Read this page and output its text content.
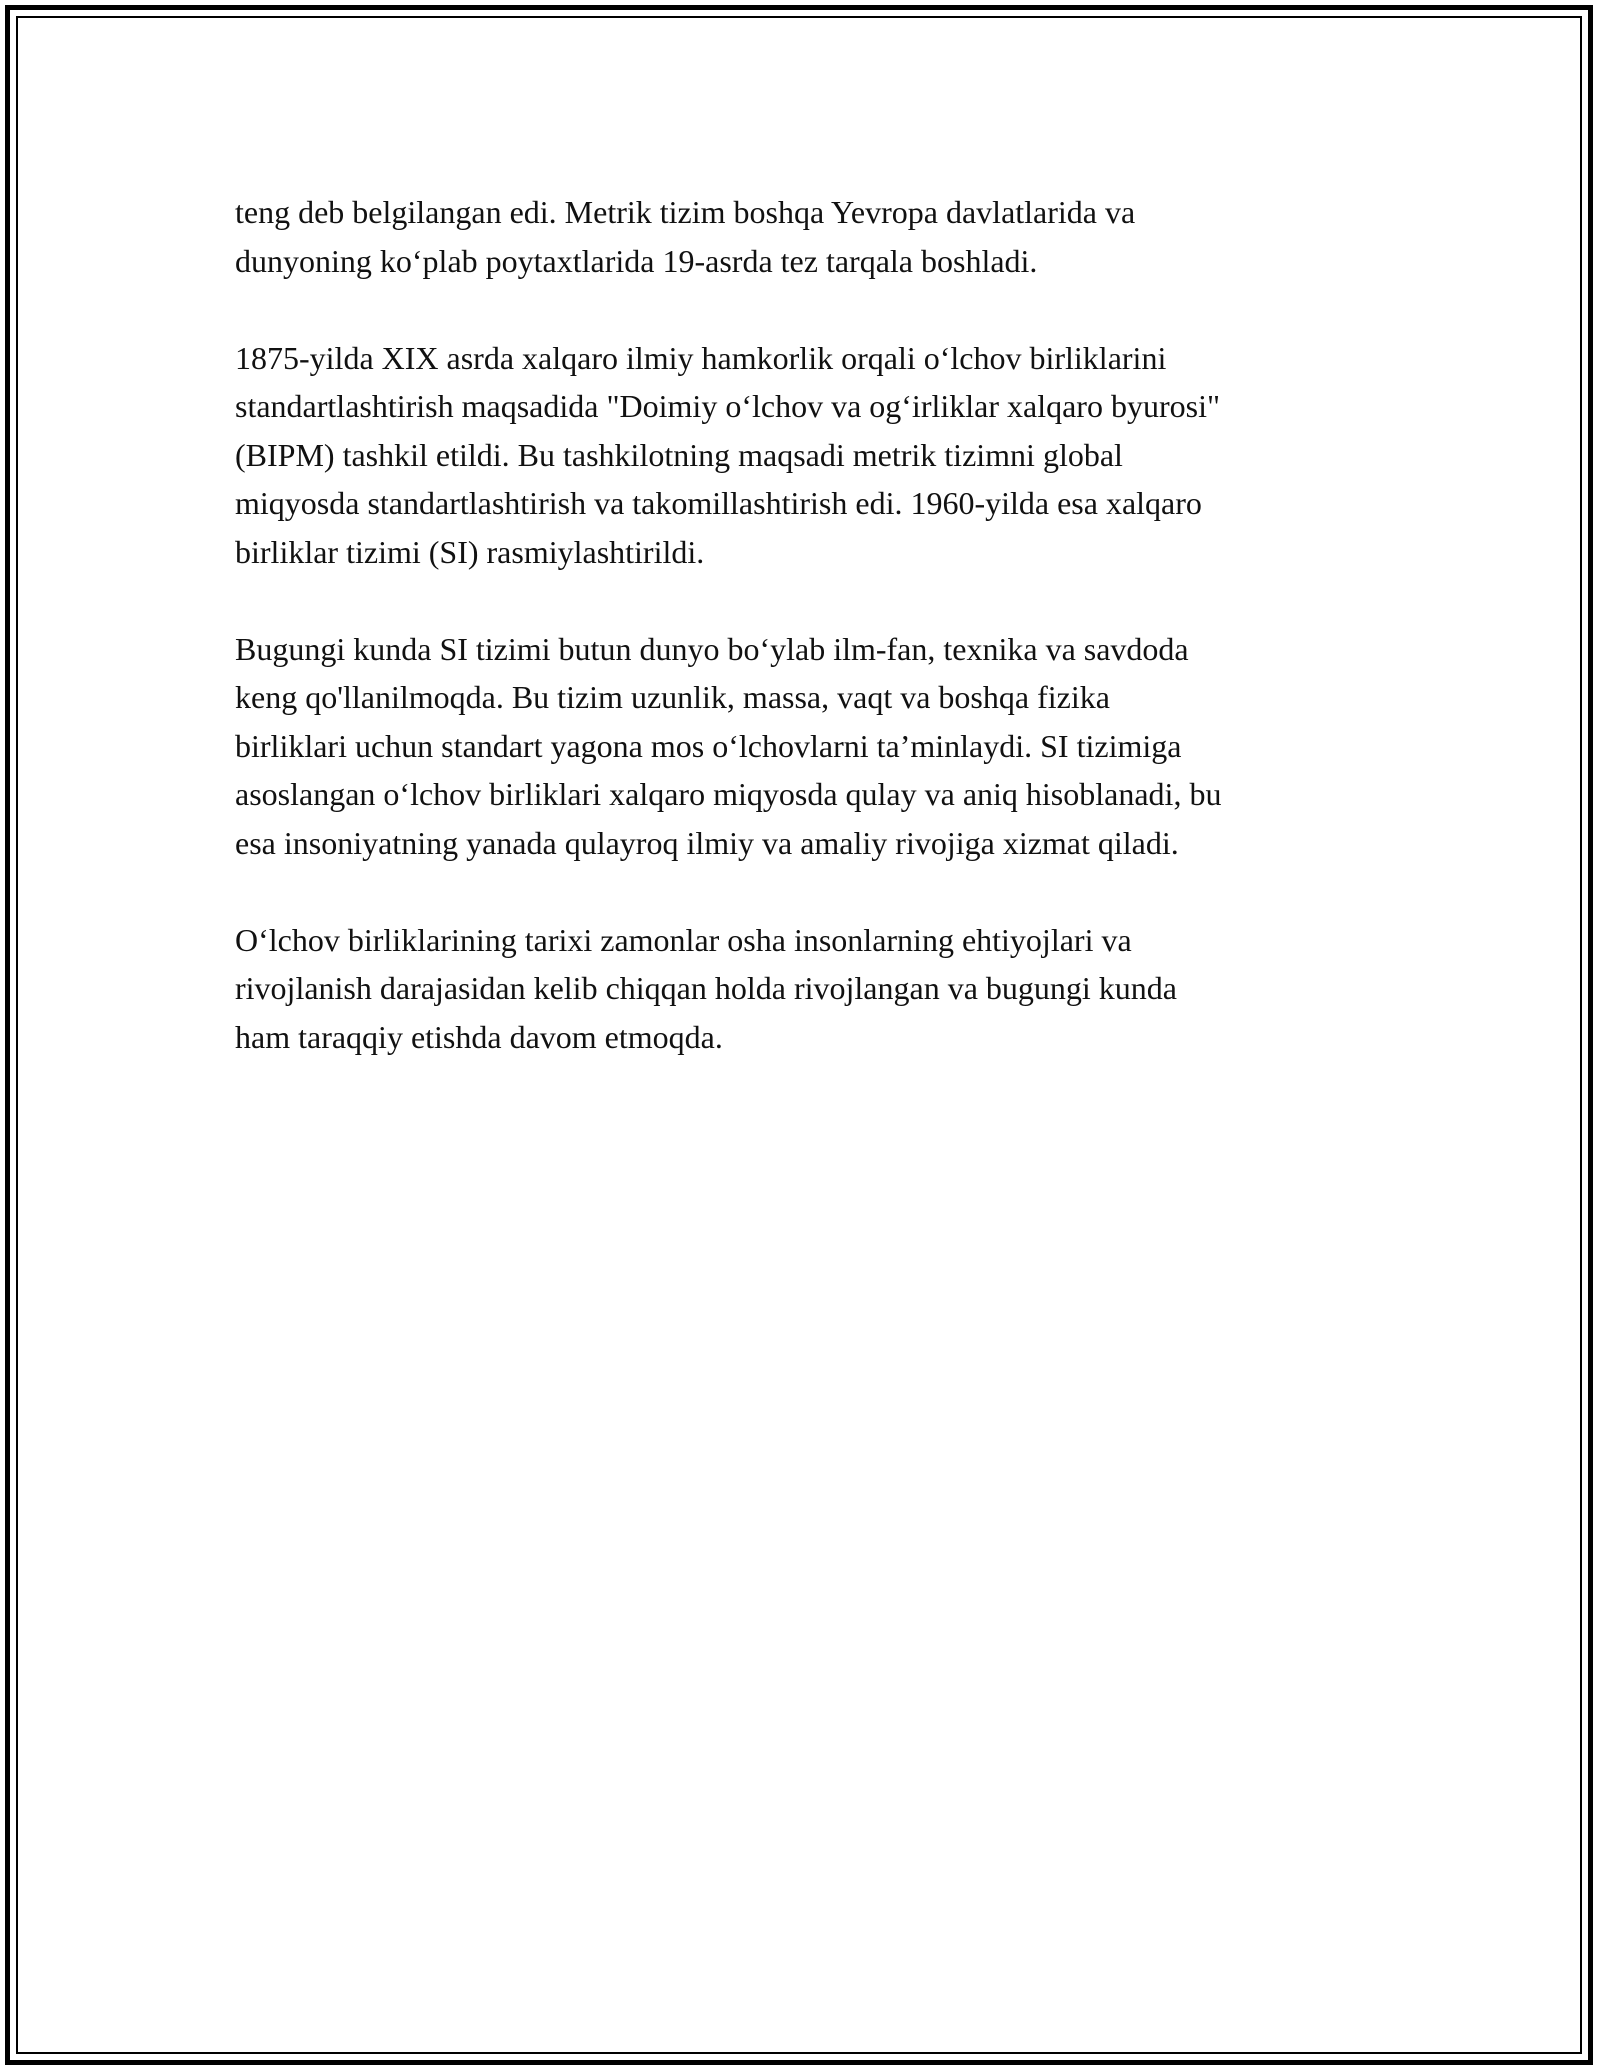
teng deb belgilangan edi. Metrik tizim boshqa Yevropa davlatlarida va
dunyoning ko‘plab poytaxtlarida 19-asrda tez tarqala boshladi.

1875-yilda XIX asrda xalqaro ilmiy hamkorlik orqali o‘lchov birliklarini
standartlashtirish maqsadida "Doimiy o‘lchov va og‘irliklar xalqaro byurosi"
(BIPM) tashkil etildi. Bu tashkilotning maqsadi metrik tizimni global
miqyosda standartlashtirish va takomillashtirish edi. 1960-yilda esa xalqaro
birliklar tizimi (SI) rasmiylashtirildi.

Bugungi kunda SI tizimi butun dunyo bo‘ylab ilm-fan, texnika va savdoda
keng qo'llanilmoqda. Bu tizim uzunlik, massa, vaqt va boshqa fizika
birliklari uchun standart yagona mos o‘lchovlarni ta’minlaydi. SI tizimiga
asoslangan o‘lchov birliklari xalqaro miqyosda qulay va aniq hisoblanadi, bu
esa insoniyatning yanada qulayroq ilmiy va amaliy rivojiga xizmat qiladi.

O‘lchov birliklarining tarixi zamonlar osha insonlarning ehtiyojlari va
rivojlanish darajasidan kelib chiqqan holda rivojlangan va bugungi kunda
ham taraqqiy etishda davom etmoqda.
